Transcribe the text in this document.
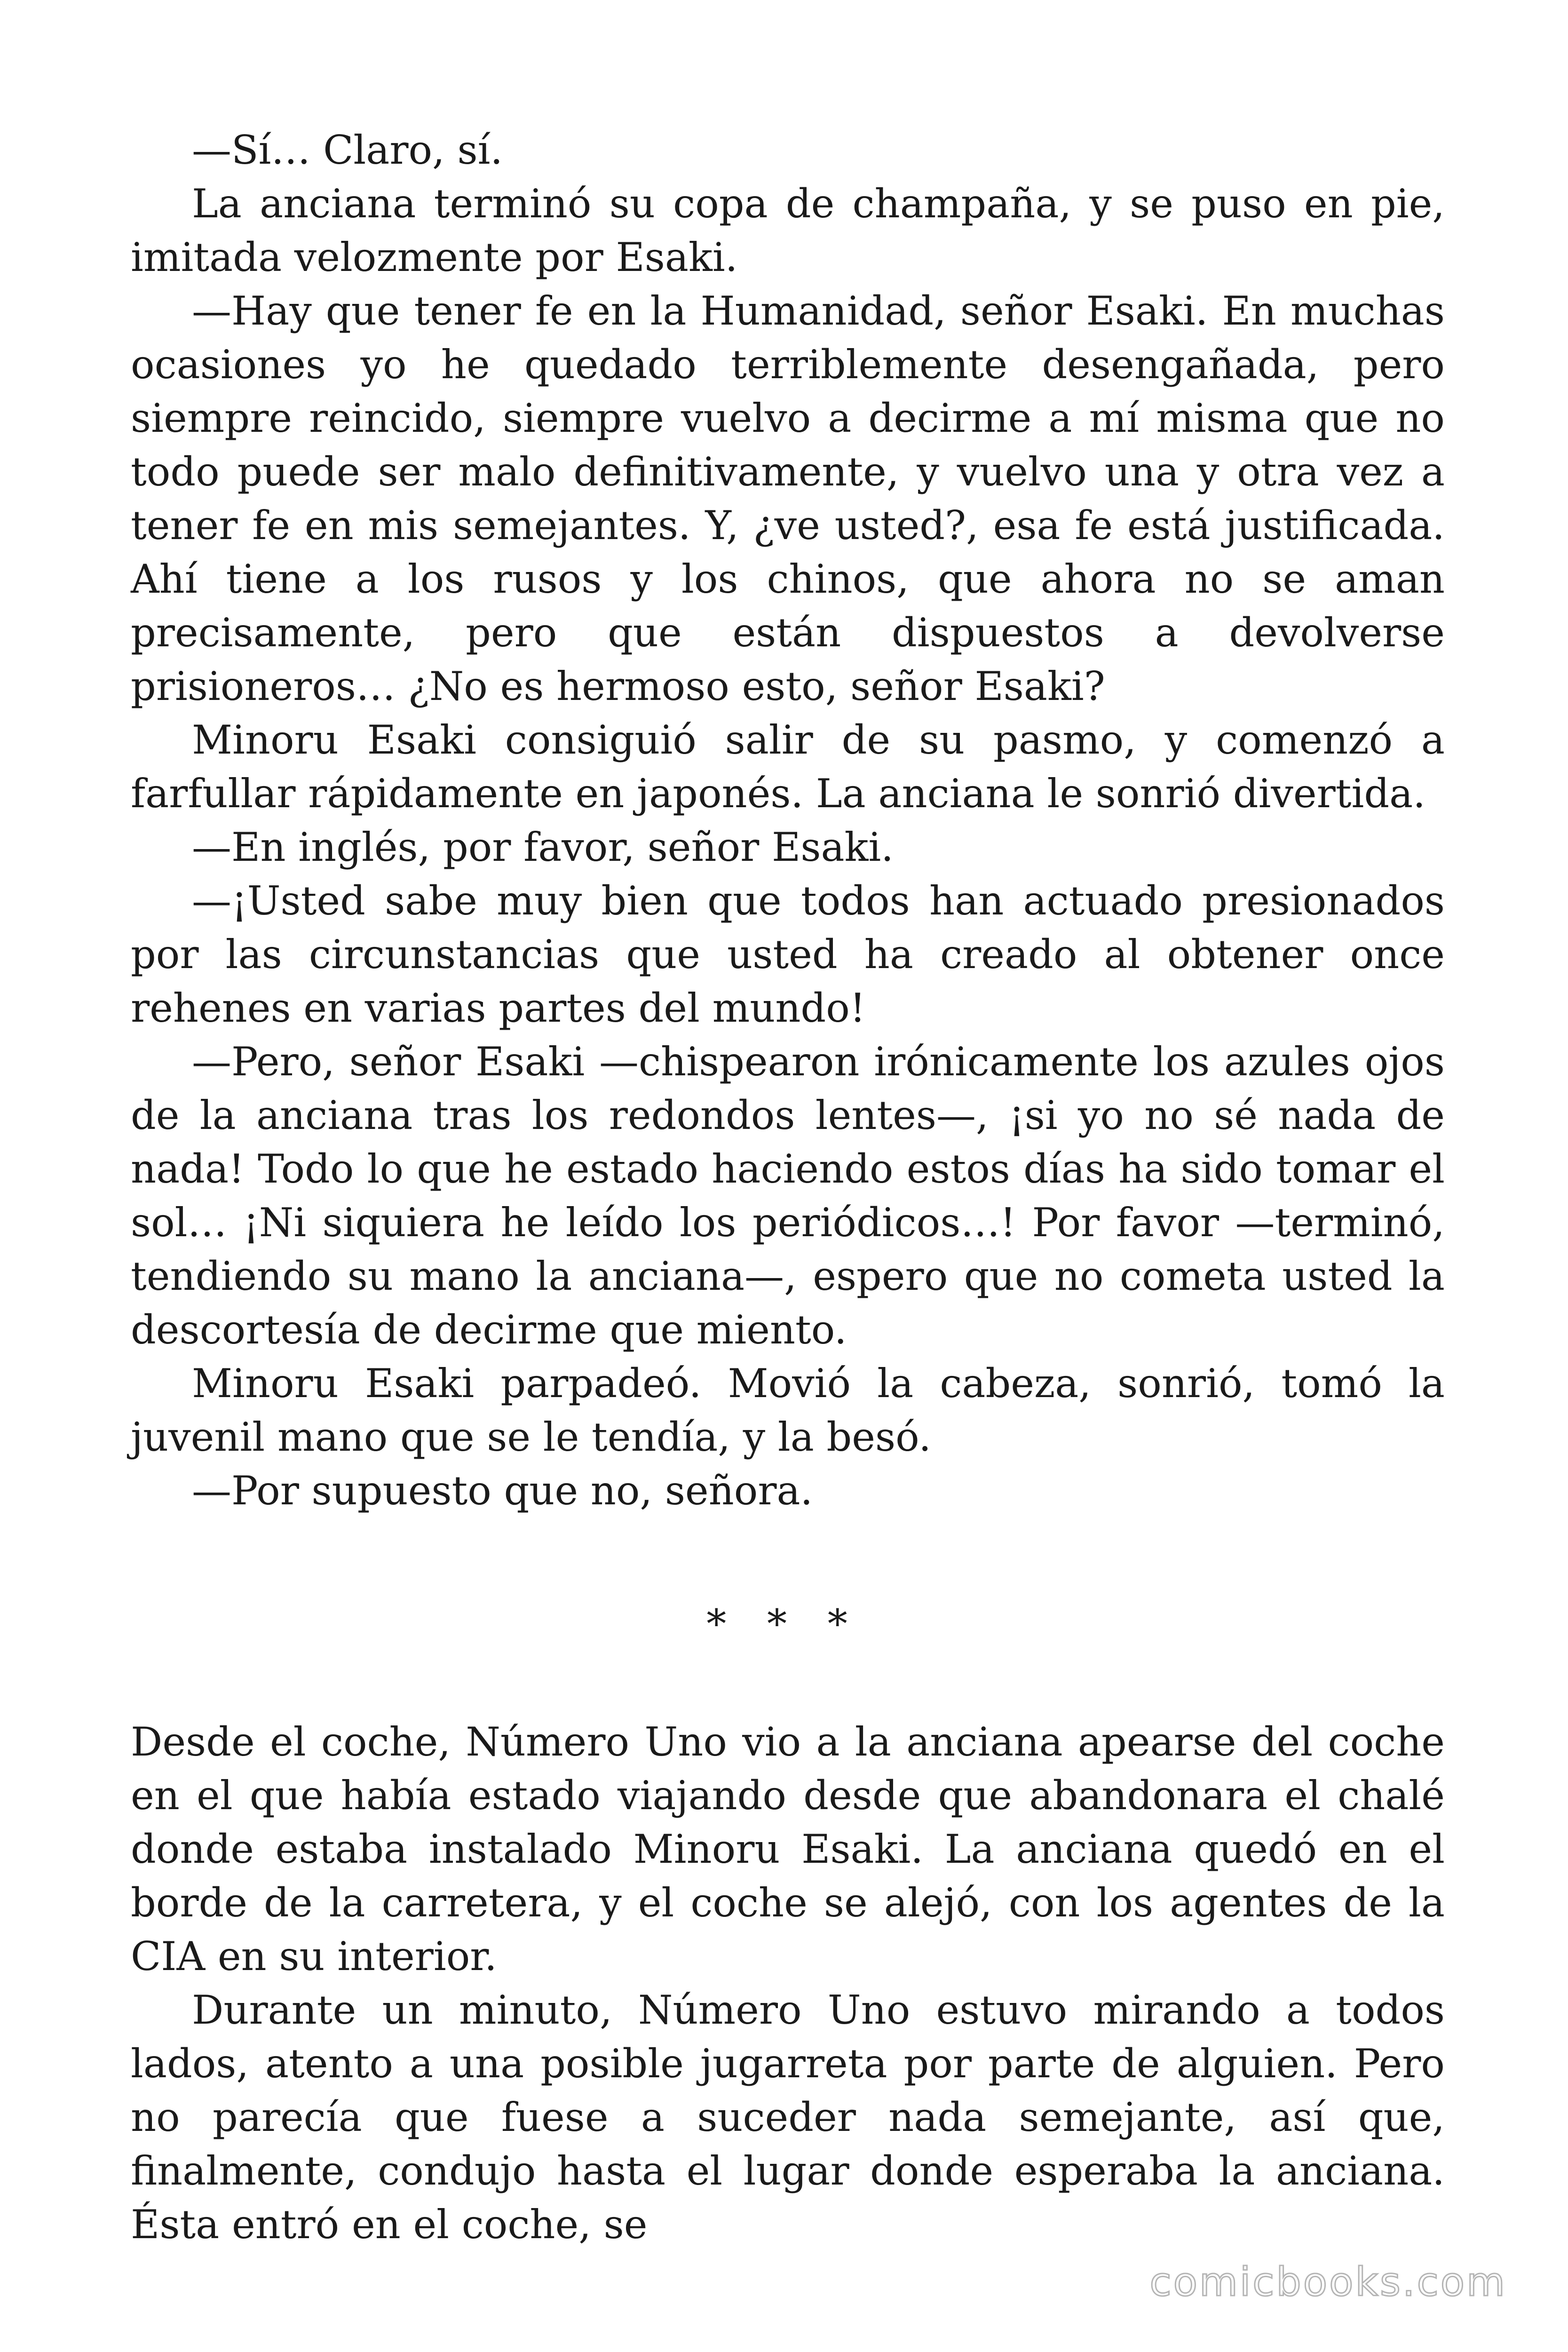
—Sí… Claro, sí.

La anciana terminó su copa de champaña, y se puso en pie, imitada velozmente por Esaki.

—Hay que tener fe en la Humanidad, señor Esaki. En muchas ocasiones yo he quedado terriblemente desengañada, pero siempre reincido, siempre vuelvo a decirme a mí misma que no todo puede ser malo definitivamente, y vuelvo una y otra vez a tener fe en mis semejantes. Y, ¿ve usted?, esa fe está justificada. Ahí tiene a los rusos y los chinos, que ahora no se aman precisamente, pero que están dispuestos a devolverse prisioneros… ¿No es hermoso esto, señor Esaki?

Minoru Esaki consiguió salir de su pasmo, y comenzó a farfullar rápidamente en japonés. La anciana le sonrió divertida.

—En inglés, por favor, señor Esaki.

—¡Usted sabe muy bien que todos han actuado presionados por las circunstancias que usted ha creado al obtener once rehenes en varias partes del mundo!

—Pero, señor Esaki —chispearon irónicamente los azules ojos de la anciana tras los redondos lentes—, ¡si yo no sé nada de nada! Todo lo que he estado haciendo estos días ha sido tomar el sol… ¡Ni siquiera he leído los periódicos…! Por favor —terminó, tendiendo su mano la anciana—, espero que no cometa usted la descortesía de decirme que miento.

Minoru Esaki parpadeó. Movió la cabeza, sonrió, tomó la juvenil mano que se le tendía, y la besó.

—Por supuesto que no, señora.

* * *

Desde el coche, Número Uno vio a la anciana apearse del coche en el que había estado viajando desde que abandonara el chalé donde estaba instalado Minoru Esaki. La anciana quedó en el borde de la carretera, y el coche se alejó, con los agentes de la CIA en su interior.

Durante un minuto, Número Uno estuvo mirando a todos lados, atento a una posible jugarreta por parte de alguien. Pero no parecía que fuese a suceder nada semejante, así que, finalmente, condujo hasta el lugar donde esperaba la anciana. Ésta entró en el coche, se

comicbooks.com
